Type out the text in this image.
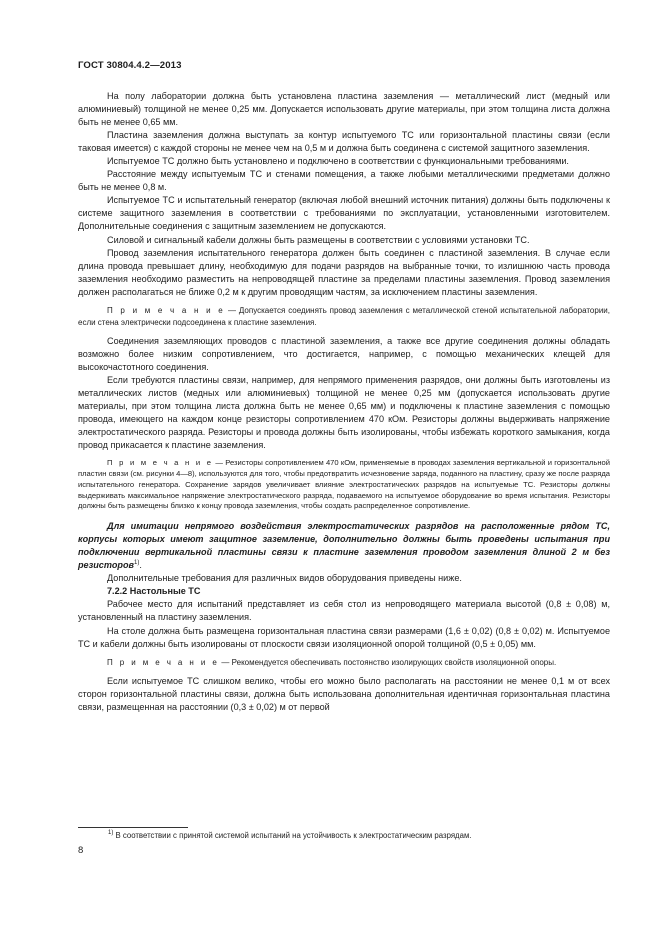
ГОСТ 30804.4.2—2013

На полу лаборатории должна быть установлена пластина заземления — металлический лист (медный или алюминиевый) толщиной не менее 0,25 мм. Допускается использовать другие материалы, при этом толщина листа должна быть не менее 0,65 мм.

Пластина заземления должна выступать за контур испытуемого ТС или горизонтальной пластины связи (если таковая имеется) с каждой стороны не менее чем на 0,5 м и должна быть соединена с системой защитного заземления.

Испытуемое ТС должно быть установлено и подключено в соответствии с функциональными требованиями.

Расстояние между испытуемым ТС и стенами помещения, а также любыми металлическими предметами должно быть не менее 0,8 м.

Испытуемое ТС и испытательный генератор (включая любой внешний источник питания) должны быть подключены к системе защитного заземления в соответствии с требованиями по эксплуатации, установленными изготовителем. Дополнительные соединения с защитным заземлением не допускаются.

Силовой и сигнальный кабели должны быть размещены в соответствии с условиями установки ТС.

Провод заземления испытательного генератора должен быть соединен с пластиной заземления. В случае если длина провода превышает длину, необходимую для подачи разрядов на выбранные точки, то излишнюю часть провода заземления необходимо разместить на непроводящей пластине за пределами пластины заземления. Провод заземления должен располагаться не ближе 0,2 м к другим проводящим частям, за исключением пластины заземления.

П р и м е ч а н и е — Допускается соединять провод заземления с металлической стеной испытательной лаборатории, если стена электрически подсоединена к пластине заземления.

Соединения заземляющих проводов с пластиной заземления, а также все другие соединения должны обладать возможно более низким сопротивлением, что достигается, например, с помощью механических клещей для высокочастотного соединения.

Если требуются пластины связи, например, для непрямого применения разрядов, они должны быть изготовлены из металлических листов (медных или алюминиевых) толщиной не менее 0,25 мм (допускается использовать другие материалы, при этом толщина листа должна быть не менее 0,65 мм) и подключены к пластине заземления с помощью провода, имеющего на каждом конце резисторы сопротивлением 470 кОм. Резисторы должны выдерживать напряжение электростатического разряда. Резисторы и провода должны быть изолированы, чтобы избежать короткого замыкания, когда провод прикасается к пластине заземления.

П р и м е ч а н и е — Резисторы сопротивлением 470 кОм, применяемые в проводах заземления вертикальной и горизонтальной пластин связи (см. рисунки 4—8), используются для того, чтобы предотвратить исчезновение заряда, поданного на пластину, сразу же после разряда испытательного генератора. Сохранение зарядов увеличивает влияние электростатических разрядов на испытуемые ТС. Резисторы должны выдерживать максимальное напряжение электростатического разряда, подаваемого на испытуемое оборудование во время испытания. Резисторы должны быть размещены близко к концу провода заземления, чтобы создать распределенное сопротивление.

Для имитации непрямого воздействия электростатических разрядов на расположенные рядом ТС, корпусы которых имеют защитное заземление, дополнительно должны быть проведены испытания при подключении вертикальной пластины связи к пластине заземления проводом заземления длиной 2 м без резисторов$^{1)}$.

Дополнительные требования для различных видов оборудования приведены ниже.

7.2.2 Настольные ТС

Рабочее место для испытаний представляет из себя стол из непроводящего материала высотой (0,8 ± 0,08) м, установленный на пластину заземления.

На столе должна быть размещена горизонтальная пластина связи размерами (1,6 ± 0,02) (0,8 ± 0,02) м. Испытуемое ТС и кабели должны быть изолированы от плоскости связи изоляционной опорой толщиной (0,5 ± 0,05) мм.

П р и м е ч а н и е — Рекомендуется обеспечивать постоянство изолирующих свойств изоляционной опоры.

Если испытуемое ТС слишком велико, чтобы его можно было располагать на расстоянии не менее 0,1 м от всех сторон горизонтальной пластины связи, должна быть использована дополнительная идентичная горизонтальная пластина связи, размещенная на расстоянии (0,3 ± 0,02) м от первой

$^{1)}$ В соответствии с принятой системой испытаний на устойчивость к электростатическим разрядам.
8
